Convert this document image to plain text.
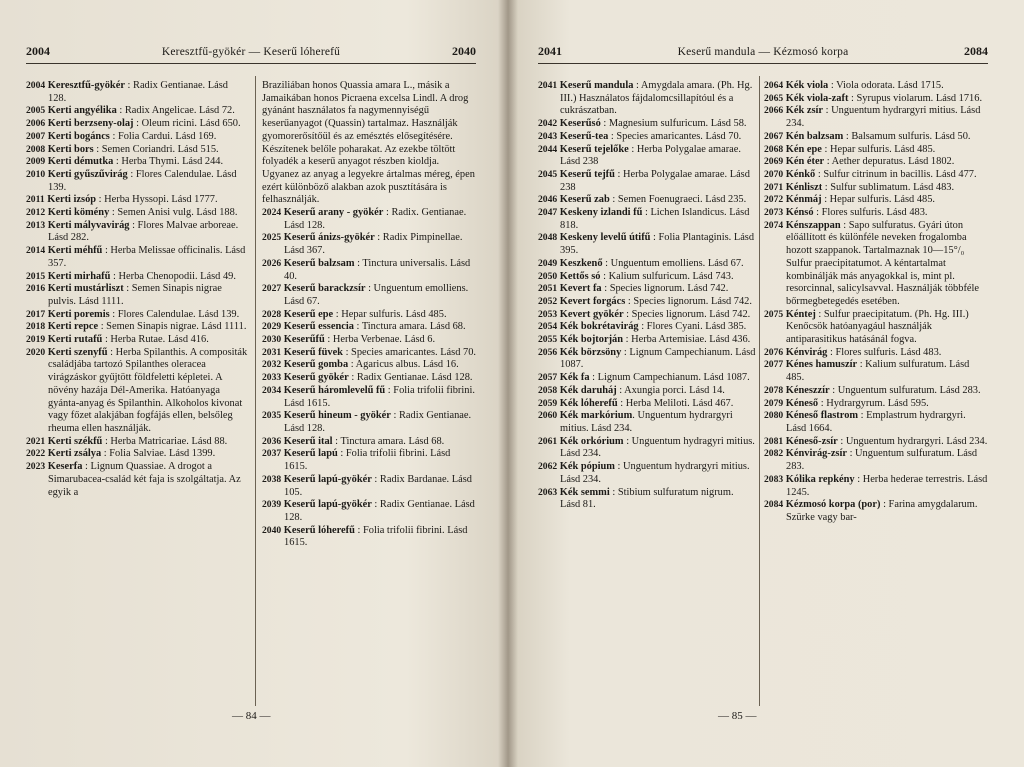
2004	Keresztfű-gyökér — Keserű lóherefű	2040

2004 Keresztfű-gyökér : Radix Gentianae. Lásd 128.

2005 Kerti angyélika : Radix Angelicae. Lásd 72.

2006 Kerti berzseny-olaj : Oleum ricini. Lásd 650.

2007 Kerti bogáncs : Folia Cardui. Lásd 169.

2008 Kerti bors : Semen Coriandri. Lásd 515.

2009 Kerti démutka : Herba Thymi. Lásd 244.

2010 Kerti gyűszűvirág : Flores Calendulae. Lásd 139.

2011 Kerti izsóp : Herba Hyssopi. Lásd 1777.

2012 Kerti kömény : Semen Anisi vulg. Lásd 188.

2013 Kerti mályvavirág : Flores Malvae arboreae. Lásd 282.

2014 Kerti méhfű : Herba Melissae officinalis. Lásd 357.

2015 Kerti mirhafű : Herba Chenopodii. Lásd 49.

2016 Kerti mustárliszt : Semen Sinapis nigrae pulvis. Lásd 1111.

2017 Kerti poremis : Flores Calendulae. Lásd 139.

2018 Kerti repce : Semen Sinapis nigrae. Lásd 1111.

2019 Kerti rutafű : Herba Rutae. Lásd 416.

2020 Kerti szenyfű : Herba Spilanthis. A compositák családjába tartozó Spilanthes oleracea virágzáskor gyűjtött földfeletti képletei. A növény hazája Dél-Amerika. Hatóanyaga gyánta-anyag és Spilanthin. Alkoholos kivonat vagy főzet alakjában fogfájás ellen, belsőleg rheuma ellen használják.

2021 Kerti székfű : Herba Matricariae. Lásd 88.

2022 Kerti zsálya : Folia Salviae. Lásd 1399.

2023 Keserfa : Lignum Quassiae. A drogot a Simarubacea-család két faja is szolgáltatja. Az egyik a

Braziliában honos Quassia amara L., másik a Jamaikában honos Picraena excelsa Lindl. A drog gyánánt használatos fa nagymennyiségű keserűanyagot (Quassin) tartalmaz. Használják gyomorerősítőül és az emésztés elősegítésére. Készítenek belőle poharakat. Az ezekbe töltött folyadék a keserű anyagot részben kioldja. Ugyanez az anyag a legyekre ártalmas méreg, épen ezért különböző alakban azok pusztítására is felhasználják.

2024 Keserű arany - gyökér : Radix. Gentianae. Lásd 128.

2025 Keserű ánizs-gyökér : Radix Pimpinellae. Lásd 367.

2026 Keserű balzsam : Tinctura universalis. Lásd 40.

2027 Keserű barackzsír : Unguentum emolliens. Lásd 67.

2028 Keserű epe : Hepar sulfuris. Lásd 485.

2029 Keserű essencia : Tinctura amara. Lásd 68.

2030 Keserűfű : Herba Verbenae. Lásd 6.

2031 Keserű füvek : Species amaricantes. Lásd 70.

2032 Keserű gomba : Agaricus albus. Lásd 16.

2033 Keserű gyökér : Radix Gentianae. Lásd 128.

2034 Keserű háromlevelű fű : Folia trifolii fibrini. Lásd 1615.

2035 Keserű hineum - gyökér : Radix Gentianae. Lásd 128.

2036 Keserű ital : Tinctura amara. Lásd 68.

2037 Keserű lapú : Folia trifolii fibrini. Lásd 1615.

2038 Keserű lapú-gyökér : Radix Bardanae. Lásd 105.

2039 Keserű lapú-gyökér : Radix Gentianae. Lásd 128.

2040 Keserű lóherefű : Folia trifolii fibrini. Lásd 1615.

— 84 —
2041	Keserű mandula — Kézmosó korpa	2084

2041 Keserű mandula : Amygdala amara. (Ph. Hg. III.) Használatos fájdalomcsillapítóul és a cukrászatban.

2042 Keserűsó : Magnesium sulfuricum. Lásd 58.

2043 Keserű-tea : Species amaricantes. Lásd 70.

2044 Keserű tejelőke : Herba Polygalae amarae. Lásd 238

2045 Keserű tejfű : Herba Polygalae amarae. Lásd 238

2046 Keserű zab : Semen Foenugraeci. Lásd 235.

2047 Keskeny izlandi fű : Lichen Islandicus. Lásd 818.

2048 Keskeny levelű útifű : Folia Plantaginis. Lásd 395.

2049 Keszkenő : Unguentum emolliens. Lásd 67.

2050 Kettős só : Kalium sulfuricum. Lásd 743.

2051 Kevert fa : Species lignorum. Lásd 742.

2052 Kevert forgács : Species lignorum. Lásd 742.

2053 Kevert gyökér : Species lignorum. Lásd 742.

2054 Kék bokrétavirág : Flores Cyani. Lásd 385.

2055 Kék bojtorján : Herba Artemisiae. Lásd 436.

2056 Kék börzsöny : Lignum Campechianum. Lásd 1087.

2057 Kék fa : Lignum Campechianum. Lásd 1087.

2058 Kék daruháj : Axungia porci. Lásd 14.

2059 Kék lóherefű : Herba Meliloti. Lásd 467.

2060 Kék markórium. Unguentum hydrargyri mitius. Lásd 234.

2061 Kék orkórium : Unguentum hydragyri mitius. Lásd 234.

2062 Kék pópium : Unguentum hydrargyri mitius. Lásd 234.

2063 Kék semmi : Stibium sulfuratum nigrum. Lásd 81.

2064 Kék viola : Viola odorata. Lásd 1715.

2065 Kék viola-zaft : Syrupus violarum. Lásd 1716.

2066 Kék zsír : Unguentum hydrargyri mitius. Lásd 234.

2067 Kén balzsam : Balsamum sulfuris. Lásd 50.

2068 Kén epe : Hepar sulfuris. Lásd 485.

2069 Kén éter : Aether depuratus. Lásd 1802.

2070 Kénkő : Sulfur citrinum in bacillis. Lásd 477.

2071 Kénliszt : Sulfur sublimatum. Lásd 483.

2072 Kénmáj : Hepar sulfuris. Lásd 485.

2073 Kénsó : Flores sulfuris. Lásd 483.

2074 Kénszappan : Sapo sulfuratus. Gyári úton előállított és különféle neveken frogalomba hozott szappanok. Tartalmaznak 10—15°/₀ Sulfur praecipitatumot. A kéntartalmat kombinálják más anyagokkal is, mint pl. resorcinnal, salicylsavval. Használják többféle bőrmegbetegedés esetében.

2075 Kéntej : Sulfur praecipitatum. (Ph. Hg. III.) Kenőcsök hatóanyagául használják antiparasitikus hatásánál fogva.

2076 Kénvirág : Flores sulfuris. Lásd 483.

2077 Kénes hamuszír : Kalium sulfuratum. Lásd 485.

2078 Kéneszzír : Unguentum sulfuratum. Lásd 283.

2079 Kéneső : Hydrargyrum. Lásd 595.

2080 Kéneső flastrom : Emplastrum hydrargyri. Lásd 1664.

2081 Kéneső-zsír : Unguentum hydrargyri. Lásd 234.

2082 Kénvirág-zsír : Unguentum sulfuratum. Lásd 283.

2083 Kólika repkény : Herba hederae terrestris. Lásd 1245.

2084 Kézmosó korpa (por) : Farina amygdalarum. Szürke vagy bar-

— 85 —
